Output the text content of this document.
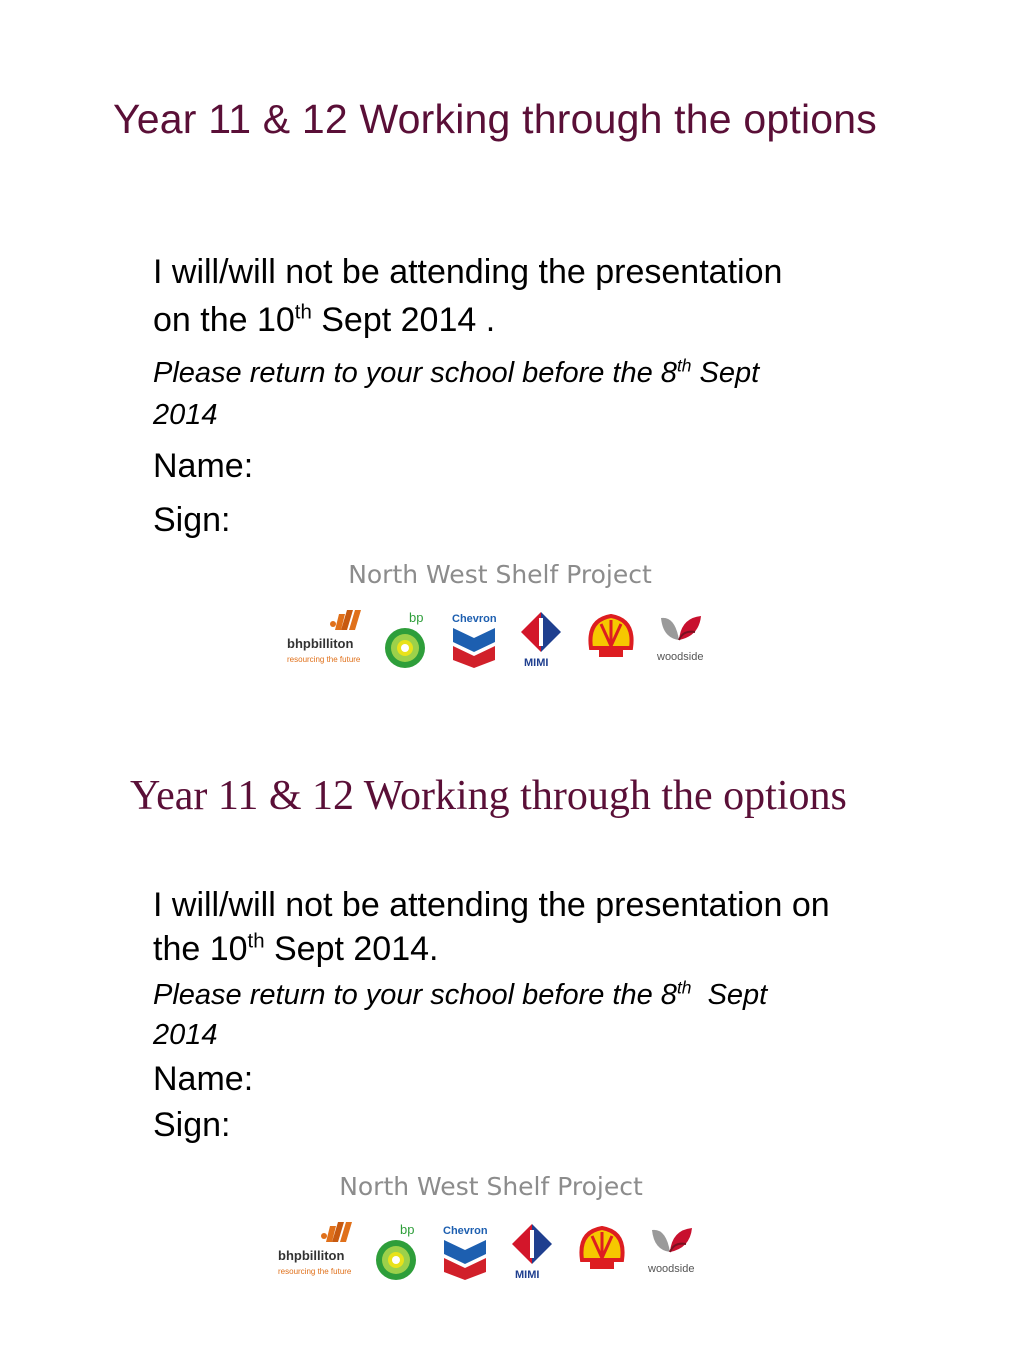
Year 11 & 12 Working through the options

I will/will not be attending the presentation
on the 10th Sept 2014 .

Please return to your school before the 8th Sept
2014

Name:

Sign:

North West Shelf Project

bhpbilliton
resourcing the future
bp	Chevron
MIMI	woodside
Year 11 & 12 Working through the options

I will/will not be attending the presentation on
the 10th Sept 2014.

Please return to your school before the 8th  Sept
2014

Name:

Sign:

North West Shelf Project

bhpbilliton
resourcing the future
bp	Chevron
MIMI	woodside
